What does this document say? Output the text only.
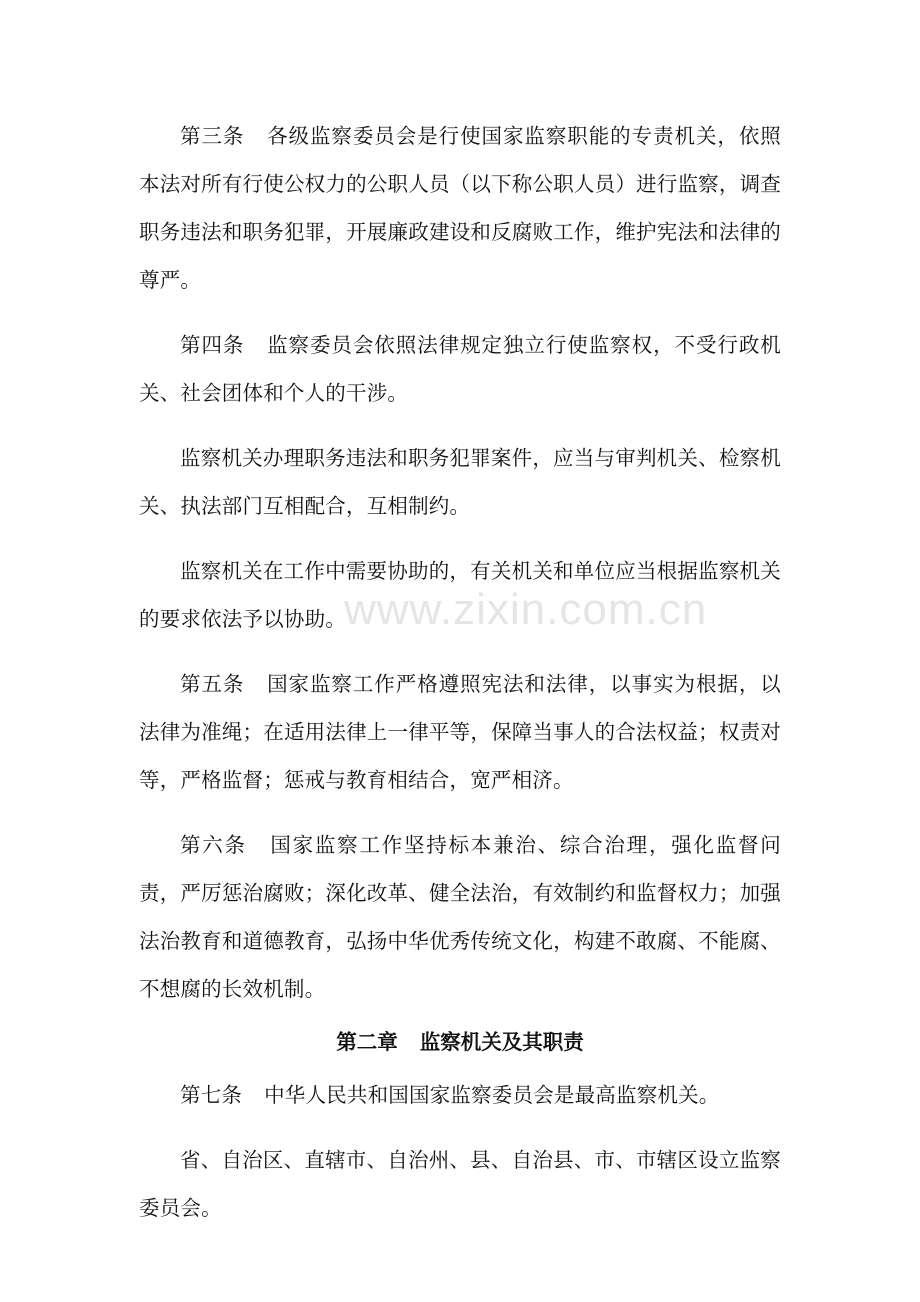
第三条 各级监察委员会是行使国家监察职能的专责机关，依照本法对所有行使公权力的公职人员（以下称公职人员）进行监察，调查职务违法和职务犯罪，开展廉政建设和反腐败工作，维护宪法和法律的尊严。

第四条 监察委员会依照法律规定独立行使监察权，不受行政机关、社会团体和个人的干涉。

监察机关办理职务违法和职务犯罪案件，应当与审判机关、检察机关、执法部门互相配合，互相制约。

监察机关在工作中需要协助的，有关机关和单位应当根据监察机关的要求依法予以协助。

第五条 国家监察工作严格遵照宪法和法律，以事实为根据，以法律为准绳；在适用法律上一律平等，保障当事人的合法权益；权责对等，严格监督；惩戒与教育相结合，宽严相济。

第六条 国家监察工作坚持标本兼治、综合治理，强化监督问责，严厉惩治腐败；深化改革、健全法治，有效制约和监督权力；加强法治教育和道德教育，弘扬中华优秀传统文化，构建不敢腐、不能腐、不想腐的长效机制。

第二章 监察机关及其职责

第七条 中华人民共和国国家监察委员会是最高监察机关。

省、自治区、直辖市、自治州、县、自治县、市、市辖区设立监察委员会。

www.zixin.com.cn
